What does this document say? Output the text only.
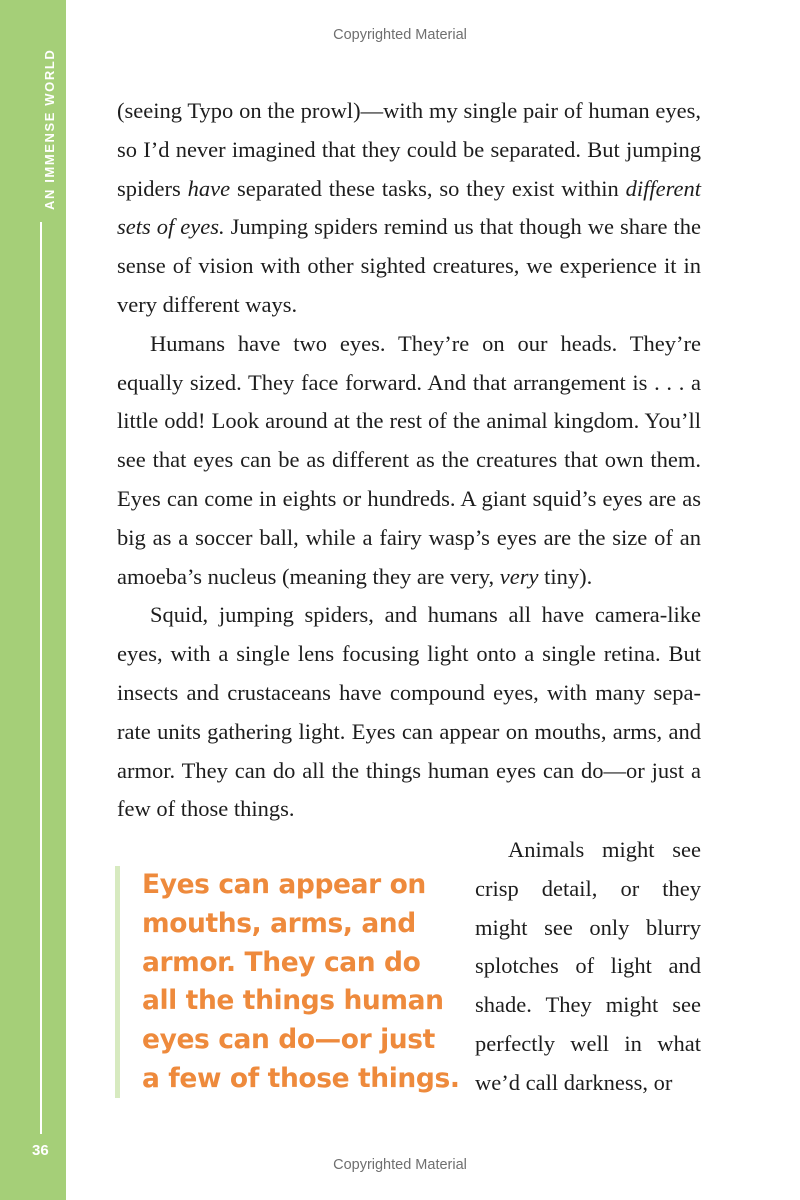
AN IMMENSE WORLD
36
Copyrighted Material

(seeing Typo on the prowl)—with my single pair of human eyes, so I’d never imagined that they could be separated. But jumping spiders have separated these tasks, so they exist within different sets of eyes. Jumping spiders remind us that though we share the sense of vision with other sighted creatures, we experience it in very different ways.

Humans have two eyes. They’re on our heads. They’re equally sized. They face forward. And that arrangement is . . . a little odd! Look around at the rest of the animal kingdom. You’ll see that eyes can be as different as the creatures that own them. Eyes can come in eights or hundreds. A giant squid’s eyes are as big as a soccer ball, while a fairy wasp’s eyes are the size of an amoeba’s nucleus (meaning they are very, very tiny).

Squid, jumping spiders, and humans all have camera-like eyes, with a single lens focusing light onto a single retina. But insects and crustaceans have compound eyes, with many separate units gathering light. Eyes can appear on mouths, arms, and armor. They can do all the things human eyes can do—or just a few of those things.

Eyes can appear on mouths, arms, and armor. They can do all the things human eyes can do—or just a few of those things.

Animals might see crisp detail, or they might see only blurry splotches of light and shade. They might see perfectly well in what we’d call darkness, or

Copyrighted Material
